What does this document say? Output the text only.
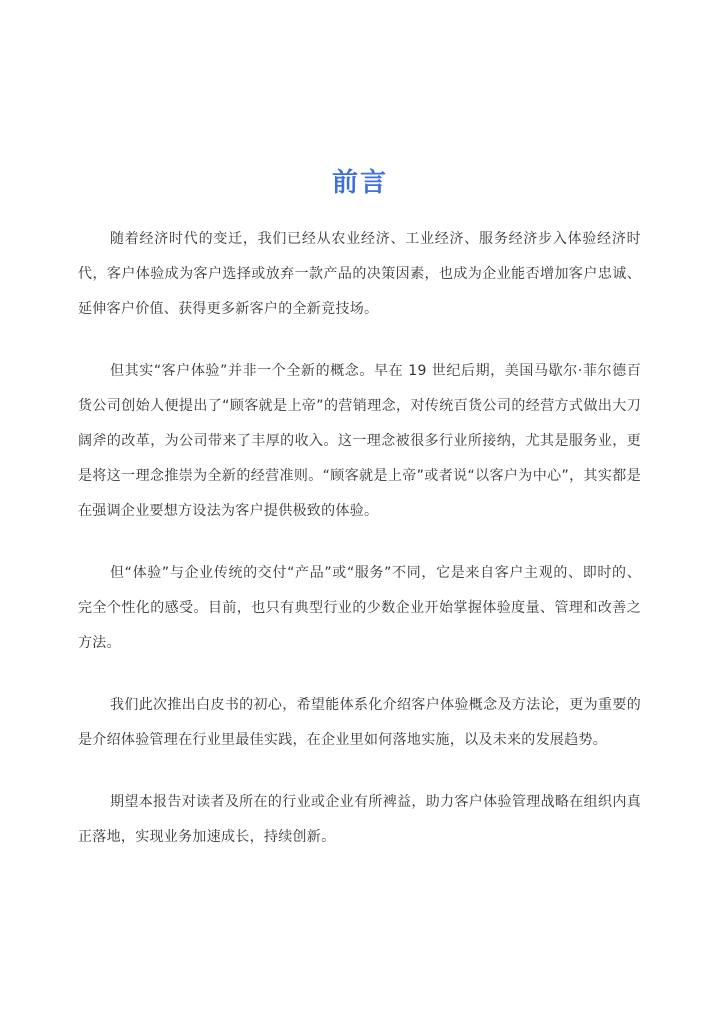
前言

随着经济时代的变迁，我们已经从农业经济、工业经济、服务经济步入体验经济时代，客户体验成为客户选择或放弃一款产品的决策因素，也成为企业能否增加客户忠诚、延伸客户价值、获得更多新客户的全新竞技场。

但其实“客户体验”并非一个全新的概念。早在 19 世纪后期，美国马歇尔·菲尔德百货公司创始人便提出了“顾客就是上帝”的营销理念，对传统百货公司的经营方式做出大刀阔斧的改革，为公司带来了丰厚的收入。这一理念被很多行业所接纳，尤其是服务业，更是将这一理念推崇为全新的经营准则。“顾客就是上帝”或者说“以客户为中心”，其实都是在强调企业要想方设法为客户提供极致的体验。

但“体验”与企业传统的交付“产品”或“服务”不同，它是来自客户主观的、即时的、完全个性化的感受。目前，也只有典型行业的少数企业开始掌握体验度量、管理和改善之方法。

我们此次推出白皮书的初心，希望能体系化介绍客户体验概念及方法论，更为重要的是介绍体验管理在行业里最佳实践，在企业里如何落地实施，以及未来的发展趋势。

期望本报告对读者及所在的行业或企业有所裨益，助力客户体验管理战略在组织内真正落地，实现业务加速成长，持续创新。
